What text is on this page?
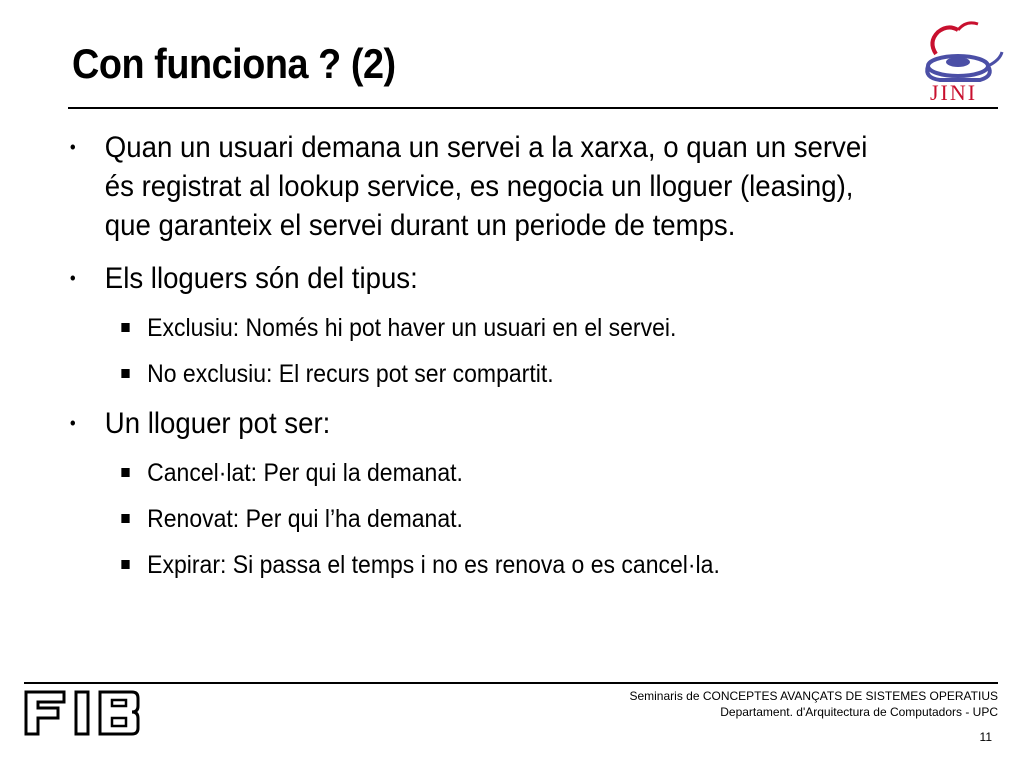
Con funciona ? (2)
JINI
• Quan un usuari demana un servei a la xarxa, o quan un servei és registrat al lookup service, es negocia un lloguer (leasing), que garanteix el servei durant un periode de temps.
• Els lloguers són del tipus:
Exclusiu: Només hi pot haver un usuari en el servei.
No exclusiu: El recurs pot ser compartit.
• Un lloguer pot ser:
Cancel·lat: Per qui la demanat.
Renovat: Per qui l’ha demanat.
Expirar: Si passa el temps i no es renova o es cancel·la.
Seminaris de CONCEPTES AVANÇATS DE SISTEMES OPERATIUS
Departament. d'Arquitectura de Computadors - UPC
11
